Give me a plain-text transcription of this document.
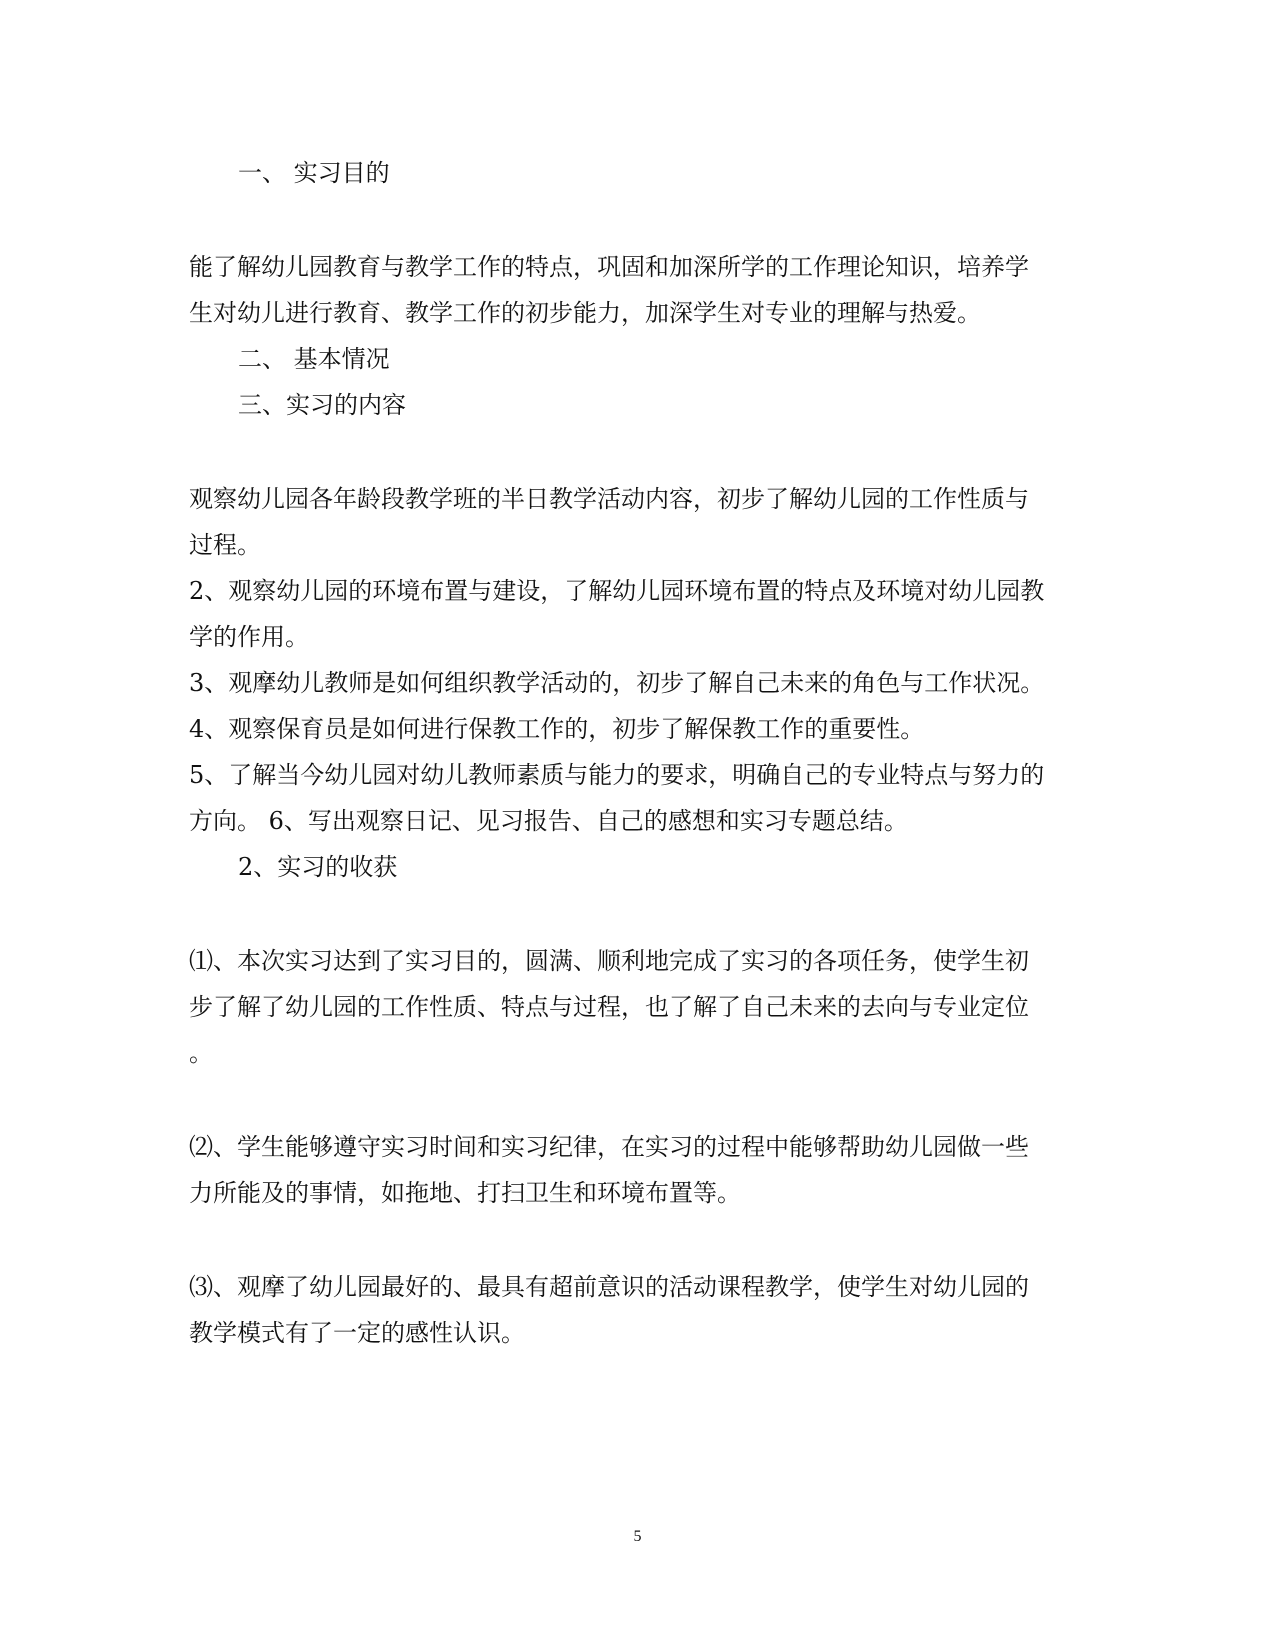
一、 实习目的
能了解幼儿园教育与教学工作的特点，巩固和加深所学的工作理论知识，培养学
生对幼儿进行教育、教学工作的初步能力，加深学生对专业的理解与热爱。
二、 基本情况
三、实习的内容
观察幼儿园各年龄段教学班的半日教学活动内容，初步了解幼儿园的工作性质与
过程。
2、观察幼儿园的环境布置与建设，了解幼儿园环境布置的特点及环境对幼儿园教
学的作用。
3、观摩幼儿教师是如何组织教学活动的，初步了解自己未来的角色与工作状况。
4、观察保育员是如何进行保教工作的，初步了解保教工作的重要性。
5、了解当今幼儿园对幼儿教师素质与能力的要求，明确自己的专业特点与努力的
方向。 6、写出观察日记、见习报告、自己的感想和实习专题总结。
2、实习的收获
⑴、本次实习达到了实习目的，圆满、顺利地完成了实习的各项任务，使学生初
步了解了幼儿园的工作性质、特点与过程，也了解了自己未来的去向与专业定位
。
⑵、学生能够遵守实习时间和实习纪律，在实习的过程中能够帮助幼儿园做一些
力所能及的事情，如拖地、打扫卫生和环境布置等。
⑶、观摩了幼儿园最好的、最具有超前意识的活动课程教学，使学生对幼儿园的
教学模式有了一定的感性认识。
5
